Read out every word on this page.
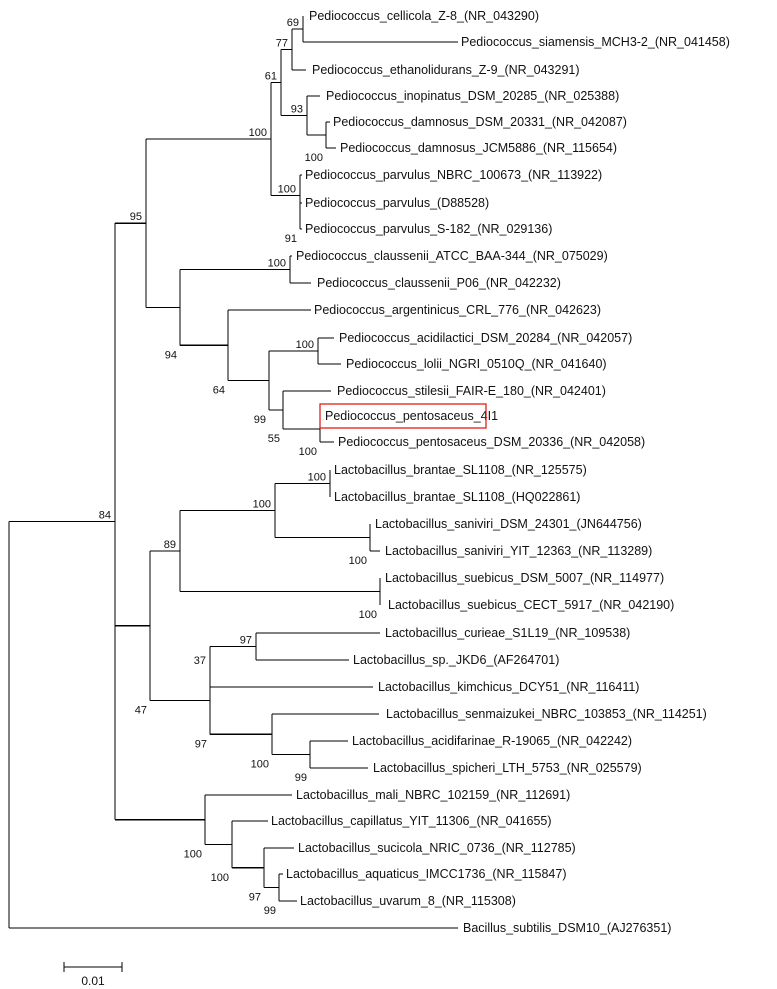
Pediococcus_cellicola_Z-8_(NR_043290)
Pediococcus_siamensis_MCH3-2_(NR_041458)
Pediococcus_ethanolidurans_Z-9_(NR_043291)
Pediococcus_inopinatus_DSM_20285_(NR_025388)
Pediococcus_damnosus_DSM_20331_(NR_042087)
Pediococcus_damnosus_JCM5886_(NR_115654)
Pediococcus_parvulus_NBRC_100673_(NR_113922)
Pediococcus_parvulus_(D88528)
Pediococcus_parvulus_S-182_(NR_029136)
Pediococcus_claussenii_ATCC_BAA-344_(NR_075029)
Pediococcus_claussenii_P06_(NR_042232)
Pediococcus_argentinicus_CRL_776_(NR_042623)
Pediococcus_acidilactici_DSM_20284_(NR_042057)
Pediococcus_lolii_NGRI_0510Q_(NR_041640)
Pediococcus_stilesii_FAIR-E_180_(NR_042401)
Pediococcus_pentosaceus_4I1
Pediococcus_pentosaceus_DSM_20336_(NR_042058)
Lactobacillus_brantae_SL1108_(NR_125575)
Lactobacillus_brantae_SL1108_(HQ022861)
Lactobacillus_saniviri_DSM_24301_(JN644756)
Lactobacillus_saniviri_YIT_12363_(NR_113289)
Lactobacillus_suebicus_DSM_5007_(NR_114977)
Lactobacillus_suebicus_CECT_5917_(NR_042190)
Lactobacillus_curieae_S1L19_(NR_109538)
Lactobacillus_sp._JKD6_(AF264701)
Lactobacillus_kimchicus_DCY51_(NR_116411)
Lactobacillus_senmaizukei_NBRC_103853_(NR_114251)
Lactobacillus_acidifarinae_R-19065_(NR_042242)
Lactobacillus_spicheri_LTH_5753_(NR_025579)
Lactobacillus_mali_NBRC_102159_(NR_112691)
Lactobacillus_capillatus_YIT_11306_(NR_041655)
Lactobacillus_sucicola_NRIC_0736_(NR_112785)
Lactobacillus_aquaticus_IMCC1736_(NR_115847)
Lactobacillus_uvarum_8_(NR_115308)
Bacillus_subtilis_DSM10_(AJ276351)
69
77
100
93
61
91
100
100
100
100
100
55
99
64
94
95
100
100
100
100
89
97
37
99
100
97
47
99
97
100
100
84
0.01
